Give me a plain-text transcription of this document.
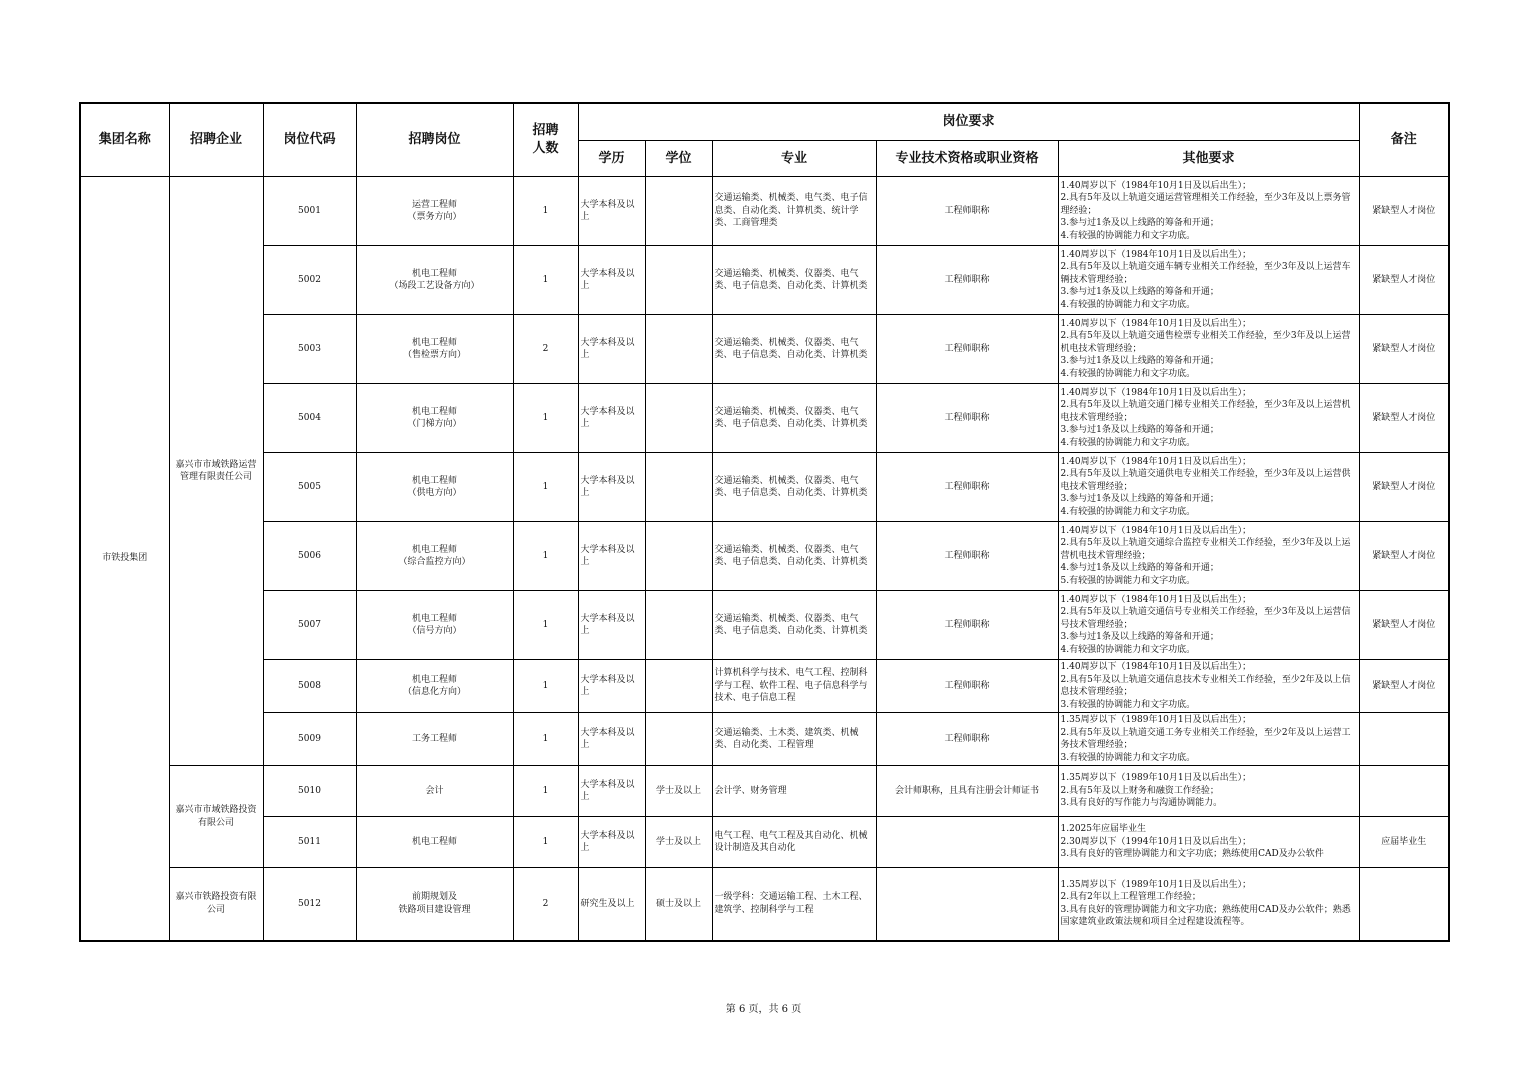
集团名称	招聘企业	岗位代码	招聘岗位	招聘
人数	岗位要求					备注
					学历	学位	专业	专业技术资格或职业资格	其他要求	
市铁投集团	嘉兴市市域铁路运营管理有限责任公司	5001	运营工程师
（票务方向）	1	大学本科及以上		交通运输类、机械类、电气类、电子信息类、自动化类、计算机类、统计学类、工商管理类	工程师职称	1.40周岁以下（1984年10月1日及以后出生）；
2.具有5年及以上轨道交通运营管理相关工作经验，至少3年及以上票务管理经验；
3.参与过1条及以上线路的筹备和开通；
4.有较强的协调能力和文字功底。	紧缺型人才岗位
		5002	机电工程师
（场段工艺设备方向）	1	大学本科及以上		交通运输类、机械类、仪器类、电气类、电子信息类、自动化类、计算机类	工程师职称	1.40周岁以下（1984年10月1日及以后出生）；
2.具有5年及以上轨道交通车辆专业相关工作经验，至少3年及以上运营车辆技术管理经验；
3.参与过1条及以上线路的筹备和开通；
4.有较强的协调能力和文字功底。	紧缺型人才岗位
		5003	机电工程师
（售检票方向）	2	大学本科及以上		交通运输类、机械类、仪器类、电气类、电子信息类、自动化类、计算机类	工程师职称	1.40周岁以下（1984年10月1日及以后出生）；
2.具有5年及以上轨道交通售检票专业相关工作经验，至少3年及以上运营机电技术管理经验；
3.参与过1条及以上线路的筹备和开通；
4.有较强的协调能力和文字功底。	紧缺型人才岗位
		5004	机电工程师
（门梯方向）	1	大学本科及以上		交通运输类、机械类、仪器类、电气类、电子信息类、自动化类、计算机类	工程师职称	1.40周岁以下（1984年10月1日及以后出生）；
2.具有5年及以上轨道交通门梯专业相关工作经验，至少3年及以上运营机电技术管理经验；
3.参与过1条及以上线路的筹备和开通；
4.有较强的协调能力和文字功底。	紧缺型人才岗位
		5005	机电工程师
（供电方向）	1	大学本科及以上		交通运输类、机械类、仪器类、电气类、电子信息类、自动化类、计算机类	工程师职称	1.40周岁以下（1984年10月1日及以后出生）；
2.具有5年及以上轨道交通供电专业相关工作经验，至少3年及以上运营供电技术管理经验；
3.参与过1条及以上线路的筹备和开通；
4.有较强的协调能力和文字功底。	紧缺型人才岗位
		5006	机电工程师
（综合监控方向）	1	大学本科及以上		交通运输类、机械类、仪器类、电气类、电子信息类、自动化类、计算机类	工程师职称	1.40周岁以下（1984年10月1日及以后出生）；
2.具有5年及以上轨道交通综合监控专业相关工作经验，至少3年及以上运营机电技术管理经验；
4.参与过1条及以上线路的筹备和开通；
5.有较强的协调能力和文字功底。	紧缺型人才岗位
		5007	机电工程师
（信号方向）	1	大学本科及以上		交通运输类、机械类、仪器类、电气类、电子信息类、自动化类、计算机类	工程师职称	1.40周岁以下（1984年10月1日及以后出生）；
2.具有5年及以上轨道交通信号专业相关工作经验，至少3年及以上运营信号技术管理经验；
3.参与过1条及以上线路的筹备和开通；
4.有较强的协调能力和文字功底。	紧缺型人才岗位
		5008	机电工程师
（信息化方向）	1	大学本科及以上		计算机科学与技术、电气工程、控制科学与工程、软件工程、电子信息科学与技术、电子信息工程	工程师职称	1.40周岁以下（1984年10月1日及以后出生）；
2.具有5年及以上轨道交通信息技术专业相关工作经验，至少2年及以上信息技术管理经验；
3.有较强的协调能力和文字功底。	紧缺型人才岗位
		5009	工务工程师	1	大学本科及以上		交通运输类、土木类、建筑类、机械类、自动化类、工程管理	工程师职称	1.35周岁以下（1989年10月1日及以后出生）；
2.具有5年及以上轨道交通工务专业相关工作经验，至少2年及以上运营工务技术管理经验；
3.有较强的协调能力和文字功底。	

	嘉兴市市域铁路投资有限公司	5010	会计	1	大学本科及以上	学士及以上	会计学、财务管理	会计师职称，且具有注册会计师证书	1.35周岁以下（1989年10月1日及以后出生）；
2.具有5年及以上财务和融资工作经验；
3.具有良好的写作能力与沟通协调能力。	

		5011	机电工程师	1	大学本科及以上	学士及以上	电气工程、电气工程及其自动化、机械设计制造及其自动化		1.2025年应届毕业生
2.30周岁以下（1994年10月1日及以后出生）；
3.具有良好的管理协调能力和文字功底；熟练使用CAD及办公软件	应届毕业生
	嘉兴市铁路投资有限公司	5012	前期规划及
铁路项目建设管理	2	研究生及以上	硕士及以上	一级学科：交通运输工程、土木工程、建筑学、控制科学与工程		1.35周岁以下（1989年10月1日及以后出生）；
2.具有2年以上工程管理工作经验；
3.具有良好的管理协调能力和文字功底；熟练使用CAD及办公软件；熟悉国家建筑业政策法规和项目全过程建设流程等。	

第 6 页，共 6 页
